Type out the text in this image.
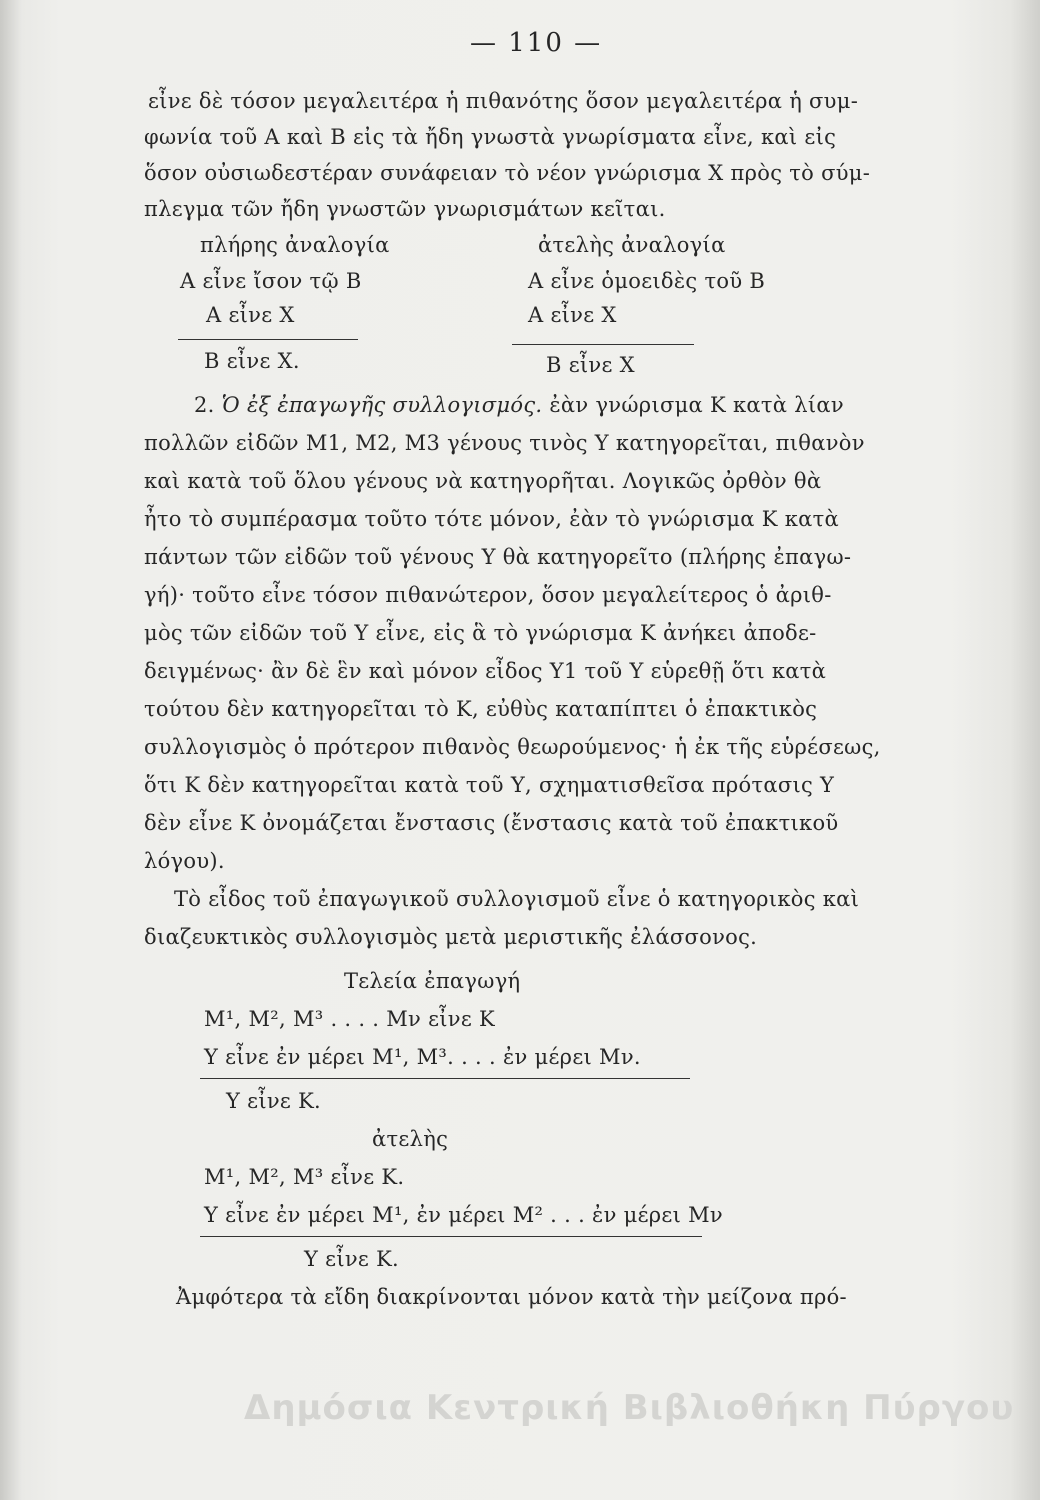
— 110 —
εἶνε δὲ τόσον μεγαλειτέρα ἡ πιθανότης ὅσον μεγαλειτέρα ἡ συμ-
φωνία τοῦ Α καὶ Β εἰς τὰ ἤδη γνωστὰ γνωρίσματα εἶνε, καὶ εἰς
ὅσον οὐσιωδεστέραν συνάφειαν τὸ νέον γνώρισμα Χ πρὸς τὸ σύμ-
πλεγμα τῶν ἤδη γνωστῶν γνωρισμάτων κεῖται.
πλήρης ἀναλογία	ἀτελὴς ἀναλογία
Α εἶνε ἴσον τῷ Β	Α εἶνε ὁμοειδὲς τοῦ Β
Α εἶνε Χ	Α εἶνε Χ
Β εἶνε Χ.	Β εἶνε Χ
2. Ὁ ἐξ ἐπαγωγῆς συλλογισμός. ἐὰν γνώρισμα Κ κατὰ λίαν
πολλῶν εἰδῶν Μ1, Μ2, Μ3 γένους τινὸς Υ κατηγορεῖται, πιθανὸν
καὶ κατὰ τοῦ ὅλου γένους νὰ κατηγορῆται. Λογικῶς ὀρθὸν θὰ
ἦτο τὸ συμπέρασμα τοῦτο τότε μόνον, ἐὰν τὸ γνώρισμα Κ κατὰ
πάντων τῶν εἰδῶν τοῦ γένους Υ θὰ κατηγορεῖτο (πλήρης ἐπαγω-
γή)· τοῦτο εἶνε τόσον πιθανώτερον, ὅσον μεγαλείτερος ὁ ἀριθ-
μὸς τῶν εἰδῶν τοῦ Υ εἶνε, εἰς ἃ τὸ γνώρισμα Κ ἀνήκει ἀποδε-
δειγμένως· ἂν δὲ ἓν καὶ μόνον εἶδος Υ1 τοῦ Υ εὑρεθῇ ὅτι κατὰ
τούτου δὲν κατηγορεῖται τὸ Κ, εὐθὺς καταπίπτει ὁ ἐπακτικὸς
συλλογισμὸς ὁ πρότερον πιθανὸς θεωρούμενος· ἡ ἐκ τῆς εὑρέσεως,
ὅτι Κ δὲν κατηγορεῖται κατὰ τοῦ Υ, σχηματισθεῖσα πρότασις Υ
δὲν εἶνε Κ ὀνομάζεται ἔνστασις (ἔνστασις κατὰ τοῦ ἐπακτικοῦ
λόγου).
Τὸ εἶδος τοῦ ἐπαγωγικοῦ συλλογισμοῦ εἶνε ὁ κατηγορικὸς καὶ
διαζευκτικὸς συλλογισμὸς μετὰ μεριστικῆς ἐλάσσονος.
Τελεία ἐπαγωγή
Μ¹, Μ², Μ³ . . . . Μν εἶνε Κ
Υ εἶνε ἐν μέρει Μ¹, Μ³. . . . ἐν μέρει Μν.
Υ εἶνε Κ.
ἀτελὴς
Μ¹, Μ², Μ³ εἶνε Κ.
Υ εἶνε ἐν μέρει Μ¹, ἐν μέρει Μ² . . . ἐν μέρει Μν
Υ εἶνε Κ.
Ἀμφότερα τὰ εἴδη διακρίνονται μόνον κατὰ τὴν μείζονα πρό-
Δημόσια Κεντρική Βιβλιοθήκη Πύργου
